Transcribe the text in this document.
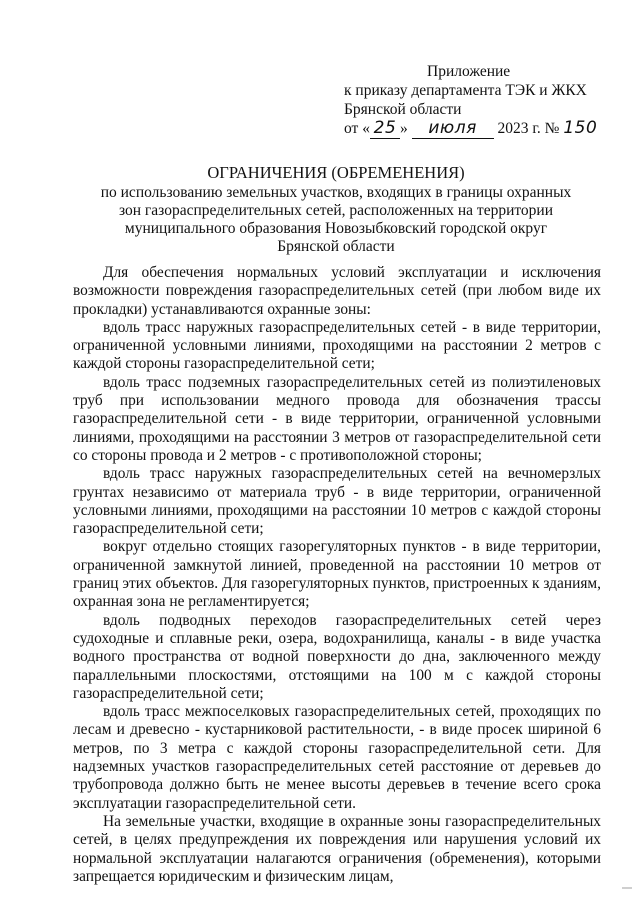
Приложение
к приказу департамента ТЭК и ЖКХ
Брянской области
от « 25 » июля 2023 г. № 150
ОГРАНИЧЕНИЯ (ОБРЕМЕНЕНИЯ)
по использованию земельных участков, входящих в границы охранных
зон газораспределительных сетей, расположенных на территории
муниципального образования Новозыбковский городской округ
Брянской области

Для обеспечения нормальных условий эксплуатации и исключения возможности повреждения газораспределительных сетей (при любом виде их прокладки) устанавливаются охранные зоны:

вдоль трасс наружных газораспределительных сетей - в виде территории, ограниченной условными линиями, проходящими на расстоянии 2 метров с каждой стороны газораспределительной сети;

вдоль трасс подземных газораспределительных сетей из полиэтиленовых труб при использовании медного провода для обозначения трассы газораспределительной сети - в виде территории, ограниченной условными линиями, проходящими на расстоянии 3 метров от газораспределительной сети со стороны провода и 2 метров - с противоположной стороны;

вдоль трасс наружных газораспределительных сетей на вечномерзлых грунтах независимо от материала труб - в виде территории, ограниченной условными линиями, проходящими на расстоянии 10 метров с каждой стороны газораспределительной сети;

вокруг отдельно стоящих газорегуляторных пунктов - в виде территории, ограниченной замкнутой линией, проведенной на расстоянии 10 метров от границ этих объектов. Для газорегуляторных пунктов, пристроенных к зданиям, охранная зона не регламентируется;

вдоль подводных переходов газораспределительных сетей через судоходные и сплавные реки, озера, водохранилища, каналы - в виде участка водного пространства от водной поверхности до дна, заключенного между параллельными плоскостями, отстоящими на 100 м с каждой стороны газораспределительной сети;

вдоль трасс межпоселковых газораспределительных сетей, проходящих по лесам и древесно - кустарниковой растительности, - в виде просек шириной 6 метров, по 3 метра с каждой стороны газораспределительной сети. Для надземных участков газораспределительных сетей расстояние от деревьев до трубопровода должно быть не менее высоты деревьев в течение всего срока эксплуатации газораспределительной сети.

На земельные участки, входящие в охранные зоны газораспределительных сетей, в целях предупреждения их повреждения или нарушения условий их нормальной эксплуатации налагаются ограничения (обременения), которыми запрещается юридическим и физическим лицам,
